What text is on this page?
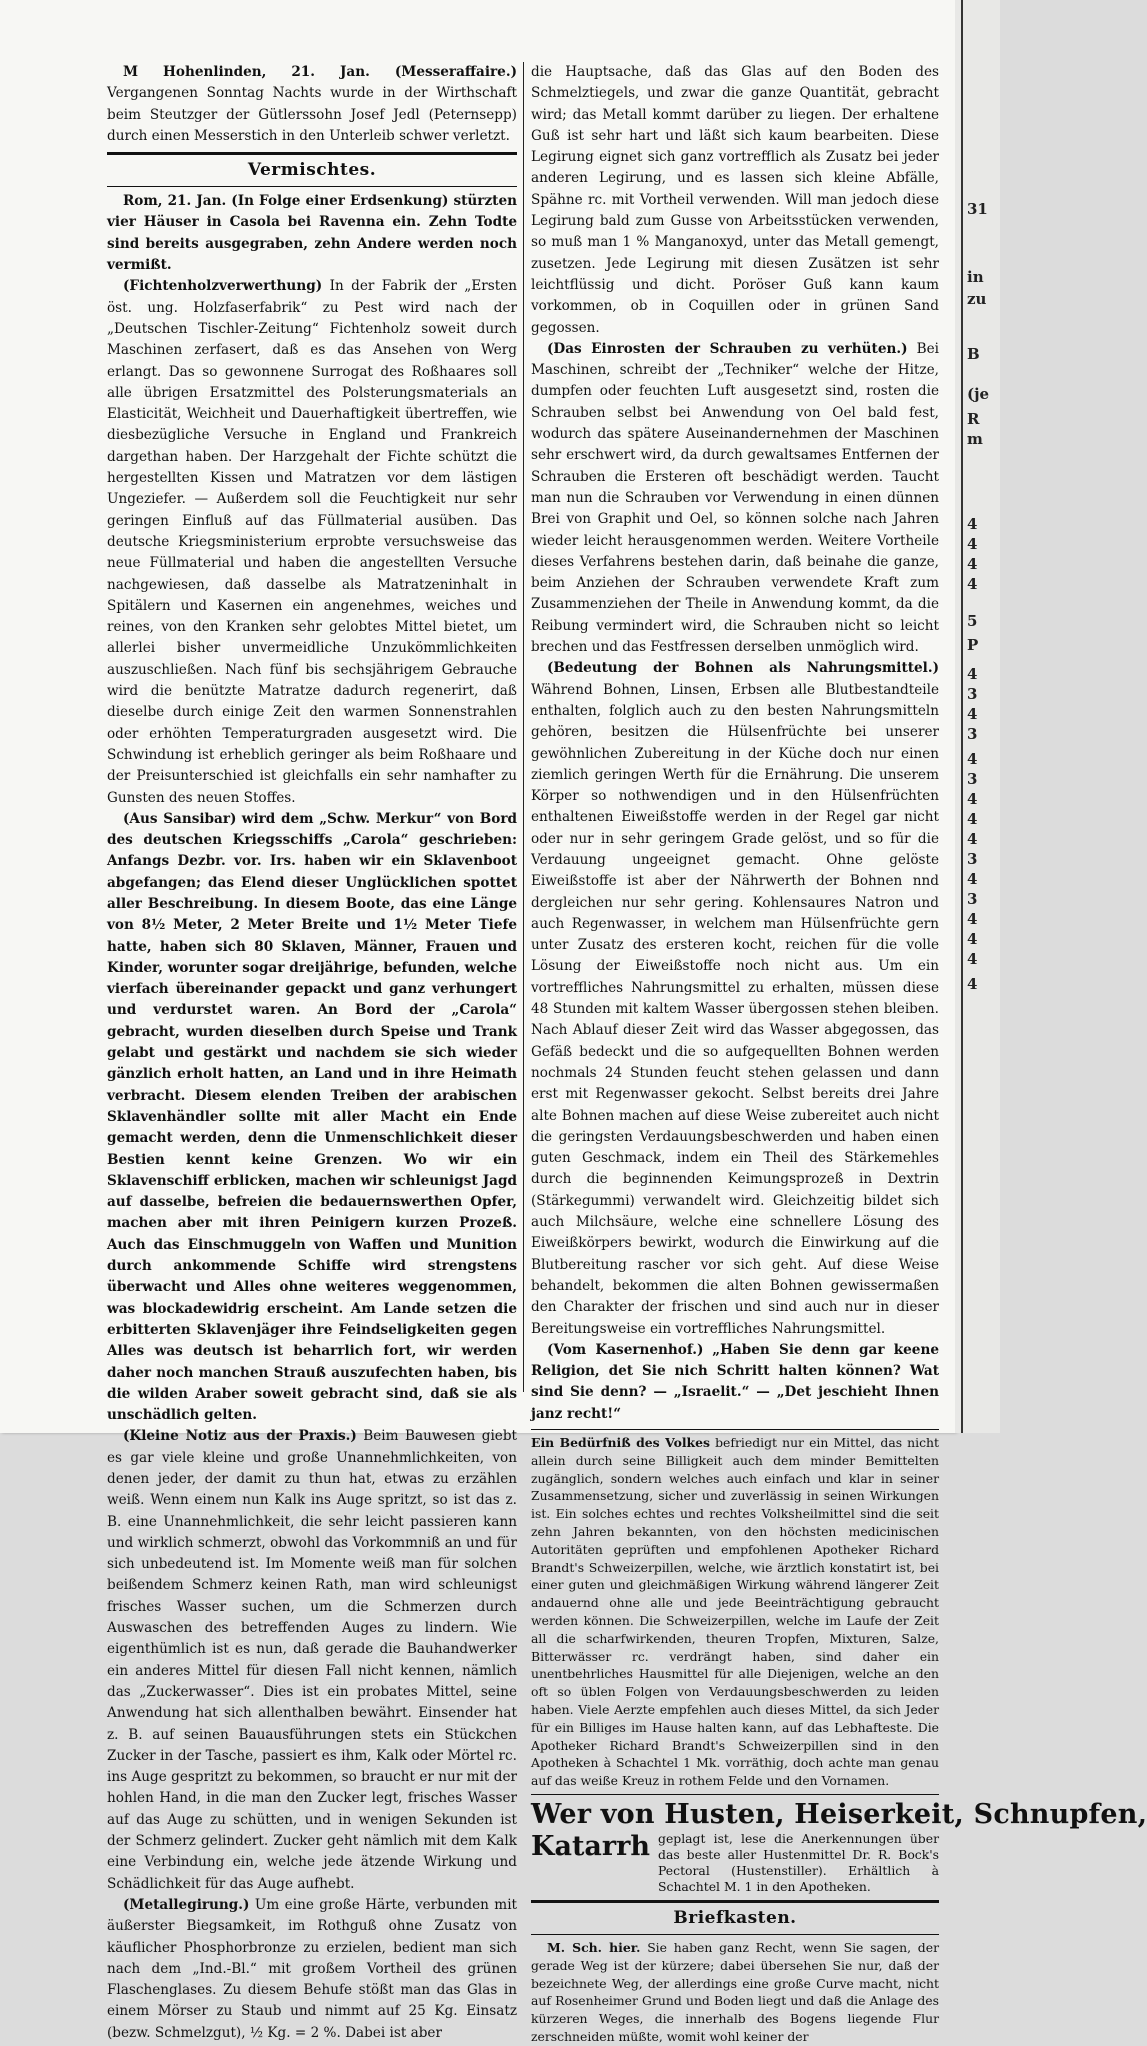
M Hohenlinden, 21. Jan. (Messeraffaire.) Vergangenen Sonntag Nachts wurde in der Wirthschaft beim Steutzger der Gütlerssohn Josef Jedl (Peternsepp) durch einen Messerstich in den Unterleib schwer verletzt.

Vermischtes.

Rom, 21. Jan. (In Folge einer Erdsenkung) stürzten vier Häuser in Casola bei Ravenna ein. Zehn Todte sind bereits ausgegraben, zehn Andere werden noch vermißt.

(Fichtenholzverwerthung) In der Fabrik der „Ersten öst. ung. Holzfaserfabrik“ zu Pest wird nach der „Deutschen Tischler-Zeitung“ Fichtenholz soweit durch Maschinen zerfasert, daß es das Ansehen von Werg erlangt. Das so gewonnene Surrogat des Roßhaares soll alle übrigen Ersatzmittel des Polsterungsmaterials an Elasticität, Weichheit und Dauerhaftigkeit übertreffen, wie diesbezügliche Versuche in England und Frankreich dargethan haben. Der Harzgehalt der Fichte schützt die hergestellten Kissen und Matratzen vor dem lästigen Ungeziefer. — Außerdem soll die Feuchtigkeit nur sehr geringen Einfluß auf das Füllmaterial ausüben. Das deutsche Kriegsministerium erprobte versuchsweise das neue Füllmaterial und haben die angestellten Versuche nachgewiesen, daß dasselbe als Matratzeninhalt in Spitälern und Kasernen ein angenehmes, weiches und reines, von den Kranken sehr gelobtes Mittel bietet, um allerlei bisher unvermeidliche Unzukömmlichkeiten auszuschließen. Nach fünf bis sechsjährigem Gebrauche wird die benützte Matratze dadurch regenerirt, daß dieselbe durch einige Zeit den warmen Sonnenstrahlen oder erhöhten Temperaturgraden ausgesetzt wird. Die Schwindung ist erheblich geringer als beim Roßhaare und der Preisunterschied ist gleichfalls ein sehr namhafter zu Gunsten des neuen Stoffes.

(Aus Sansibar) wird dem „Schw. Merkur“ von Bord des deutschen Kriegsschiffs „Carola“ geschrieben: Anfangs Dezbr. vor. Irs. haben wir ein Sklavenboot abgefangen; das Elend dieser Unglücklichen spottet aller Beschreibung. In diesem Boote, das eine Länge von 8½ Meter, 2 Meter Breite und 1½ Meter Tiefe hatte, haben sich 80 Sklaven, Männer, Frauen und Kinder, worunter sogar dreijährige, befunden, welche vierfach übereinander gepackt und ganz verhungert und verdurstet waren. An Bord der „Carola“ gebracht, wurden dieselben durch Speise und Trank gelabt und gestärkt und nachdem sie sich wieder gänzlich erholt hatten, an Land und in ihre Heimath verbracht. Diesem elenden Treiben der arabischen Sklavenhändler sollte mit aller Macht ein Ende gemacht werden, denn die Unmenschlichkeit dieser Bestien kennt keine Grenzen. Wo wir ein Sklavenschiff erblicken, machen wir schleunigst Jagd auf dasselbe, befreien die bedauernswerthen Opfer, machen aber mit ihren Peinigern kurzen Prozeß. Auch das Einschmuggeln von Waffen und Munition durch ankommende Schiffe wird strengstens überwacht und Alles ohne weiteres weggenommen, was blockadewidrig erscheint. Am Lande setzen die erbitterten Sklavenjäger ihre Feindseligkeiten gegen Alles was deutsch ist beharrlich fort, wir werden daher noch manchen Strauß auszufechten haben, bis die wilden Araber soweit gebracht sind, daß sie als unschädlich gelten.

(Kleine Notiz aus der Praxis.) Beim Bauwesen giebt es gar viele kleine und große Unannehmlichkeiten, von denen jeder, der damit zu thun hat, etwas zu erzählen weiß. Wenn einem nun Kalk ins Auge spritzt, so ist das z. B. eine Unannehmlichkeit, die sehr leicht passieren kann und wirklich schmerzt, obwohl das Vorkommniß an und für sich unbedeutend ist. Im Momente weiß man für solchen beißendem Schmerz keinen Rath, man wird schleunigst frisches Wasser suchen, um die Schmerzen durch Auswaschen des betreffenden Auges zu lindern. Wie eigenthümlich ist es nun, daß gerade die Bauhandwerker ein anderes Mittel für diesen Fall nicht kennen, nämlich das „Zuckerwasser“. Dies ist ein probates Mittel, seine Anwendung hat sich allenthalben bewährt. Einsender hat z. B. auf seinen Bauausführungen stets ein Stückchen Zucker in der Tasche, passiert es ihm, Kalk oder Mörtel rc. ins Auge gespritzt zu bekommen, so braucht er nur mit der hohlen Hand, in die man den Zucker legt, frisches Wasser auf das Auge zu schütten, und in wenigen Sekunden ist der Schmerz gelindert. Zucker geht nämlich mit dem Kalk eine Verbindung ein, welche jede ätzende Wirkung und Schädlichkeit für das Auge aufhebt.

(Metallegirung.) Um eine große Härte, verbunden mit äußerster Biegsamkeit, im Rothguß ohne Zusatz von käuflicher Phosphorbronze zu erzielen, bedient man sich nach dem „Ind.-Bl.“ mit großem Vortheil des grünen Flaschenglases. Zu diesem Behufe stößt man das Glas in einem Mörser zu Staub und nimmt auf 25 Kg. Einsatz (bezw. Schmelzgut), ½ Kg. = 2 %. Dabei ist aber

die Hauptsache, daß das Glas auf den Boden des Schmelztiegels, und zwar die ganze Quantität, gebracht wird; das Metall kommt darüber zu liegen. Der erhaltene Guß ist sehr hart und läßt sich kaum bearbeiten. Diese Legirung eignet sich ganz vortrefflich als Zusatz bei jeder anderen Legirung, und es lassen sich kleine Abfälle, Spähne rc. mit Vortheil verwenden. Will man jedoch diese Legirung bald zum Gusse von Arbeitsstücken verwenden, so muß man 1 % Manganoxyd, unter das Metall gemengt, zusetzen. Jede Legirung mit diesen Zusätzen ist sehr leichtflüssig und dicht. Poröser Guß kann kaum vorkommen, ob in Coquillen oder in grünen Sand gegossen.

(Das Einrosten der Schrauben zu verhüten.) Bei Maschinen, schreibt der „Techniker“ welche der Hitze, dumpfen oder feuchten Luft ausgesetzt sind, rosten die Schrauben selbst bei Anwendung von Oel bald fest, wodurch das spätere Auseinandernehmen der Maschinen sehr erschwert wird, da durch gewaltsames Entfernen der Schrauben die Ersteren oft beschädigt werden. Taucht man nun die Schrauben vor Verwendung in einen dünnen Brei von Graphit und Oel, so können solche nach Jahren wieder leicht herausgenommen werden. Weitere Vortheile dieses Verfahrens bestehen darin, daß beinahe die ganze, beim Anziehen der Schrauben verwendete Kraft zum Zusammenziehen der Theile in Anwendung kommt, da die Reibung vermindert wird, die Schrauben nicht so leicht brechen und das Festfressen derselben unmöglich wird.

(Bedeutung der Bohnen als Nahrungsmittel.) Während Bohnen, Linsen, Erbsen alle Blutbestandteile enthalten, folglich auch zu den besten Nahrungsmitteln gehören, besitzen die Hülsenfrüchte bei unserer gewöhnlichen Zubereitung in der Küche doch nur einen ziemlich geringen Werth für die Ernährung. Die unserem Körper so nothwendigen und in den Hülsenfrüchten enthaltenen Eiweißstoffe werden in der Regel gar nicht oder nur in sehr geringem Grade gelöst, und so für die Verdauung ungeeignet gemacht. Ohne gelöste Eiweißstoffe ist aber der Nährwerth der Bohnen nnd dergleichen nur sehr gering. Kohlensaures Natron und auch Regenwasser, in welchem man Hülsenfrüchte gern unter Zusatz des ersteren kocht, reichen für die volle Lösung der Eiweißstoffe noch nicht aus. Um ein vortreffliches Nahrungsmittel zu erhalten, müssen diese 48 Stunden mit kaltem Wasser übergossen stehen bleiben. Nach Ablauf dieser Zeit wird das Wasser abgegossen, das Gefäß bedeckt und die so aufgequellten Bohnen werden nochmals 24 Stunden feucht stehen gelassen und dann erst mit Regenwasser gekocht. Selbst bereits drei Jahre alte Bohnen machen auf diese Weise zubereitet auch nicht die geringsten Verdauungsbeschwerden und haben einen guten Geschmack, indem ein Theil des Stärkemehles durch die beginnenden Keimungsprozeß in Dextrin (Stärkegummi) verwandelt wird. Gleichzeitig bildet sich auch Milchsäure, welche eine schnellere Lösung des Eiweißkörpers bewirkt, wodurch die Einwirkung auf die Blutbereitung rascher vor sich geht. Auf diese Weise behandelt, bekommen die alten Bohnen gewissermaßen den Charakter der frischen und sind auch nur in dieser Bereitungsweise ein vortreffliches Nahrungsmittel.

(Vom Kasernenhof.) „Haben Sie denn gar keene Religion, det Sie nich Schritt halten können? Wat sind Sie denn? — „Israelit.“ — „Det jeschieht Ihnen janz recht!“

Ein Bedürfniß des Volkes befriedigt nur ein Mittel, das nicht allein durch seine Billigkeit auch dem minder Bemittelten zugänglich, sondern welches auch einfach und klar in seiner Zusammensetzung, sicher und zuverlässig in seinen Wirkungen ist. Ein solches echtes und rechtes Volksheilmittel sind die seit zehn Jahren bekannten, von den höchsten medicinischen Autoritäten geprüften und empfohlenen Apotheker Richard Brandt's Schweizerpillen, welche, wie ärztlich konstatirt ist, bei einer guten und gleichmäßigen Wirkung während längerer Zeit andauernd ohne alle und jede Beeinträchtigung gebraucht werden können. Die Schweizerpillen, welche im Laufe der Zeit all die scharfwirkenden, theuren Tropfen, Mixturen, Salze, Bitterwässer rc. verdrängt haben, sind daher ein unentbehrliches Hausmittel für alle Diejenigen, welche an den oft so üblen Folgen von Verdauungsbeschwerden zu leiden haben. Viele Aerzte empfehlen auch dieses Mittel, da sich Jeder für ein Billiges im Hause halten kann, auf das Lebhafteste. Die Apotheker Richard Brandt's Schweizerpillen sind in den Apotheken à Schachtel 1 Mk. vorräthig, doch achte man genau auf das weiße Kreuz in rothem Felde und den Vornamen.
Wer von Husten, Heiserkeit, Schnupfen,
Katarrh geplagt ist, lese die Anerkennungen über das beste aller Hustenmittel Dr. R. Bock's Pectoral (Hustenstiller). Erhältlich à Schachtel M. 1 in den Apotheken.
Briefkasten.

M. Sch. hier. Sie haben ganz Recht, wenn Sie sagen, der gerade Weg ist der kürzere; dabei übersehen Sie nur, daß der bezeichnete Weg, der allerdings eine große Curve macht, nicht auf Rosenheimer Grund und Boden liegt und daß die Anlage des kürzeren Weges, die innerhalb des Bogens liegende Flur zerschneiden müßte, womit wohl keiner der

31
in
zu
B
(je
R
m
4
4
4
4
5
P
4
3
4
3
4
3
4
4
4
3
4
3
4
4
4
4
